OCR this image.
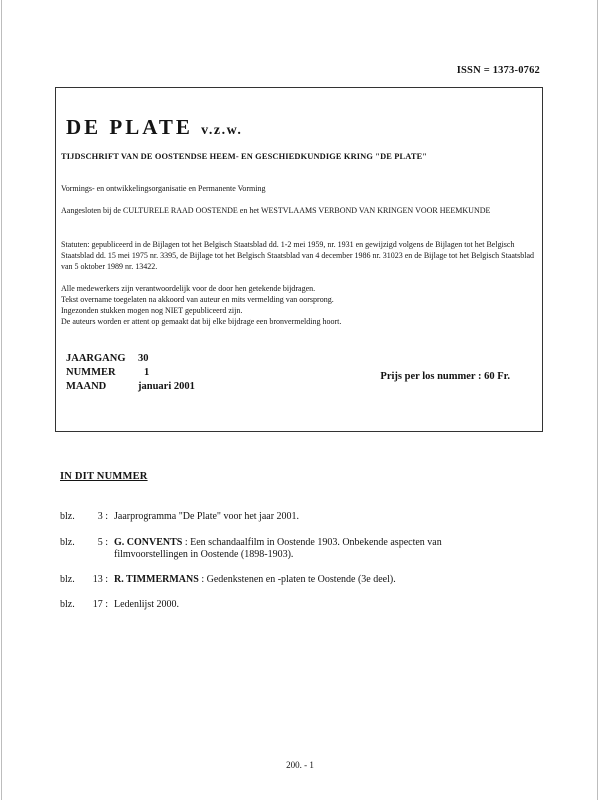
ISSN = 1373-0762
DE PLATE v.z.w.
TIJDSCHRIFT VAN DE OOSTENDSE HEEM- EN GESCHIEDKUNDIGE KRING "DE PLATE"
Vormings- en ontwikkelingsorganisatie en Permanente Vorming
Aangesloten bij de CULTURELE RAAD OOSTENDE en het WESTVLAAMS VERBOND VAN KRINGEN VOOR HEEMKUNDE
Statuten: gepubliceerd in de Bijlagen tot het Belgisch Staatsblad dd. 1-2 mei 1959, nr. 1931 en gewijzigd volgens de Bijlagen tot het Belgisch Staatsblad dd. 15 mei 1975 nr. 3395, de Bijlage tot het Belgisch Staatsblad van 4 december 1986 nr. 31023 en de Bijlage tot het Belgisch Staatsblad van 5 oktober 1989 nr. 13422.
Alle medewerkers zijn verantwoordelijk voor de door hen getekende bijdragen.
Tekst overname toegelaten na akkoord van auteur en mits vermelding van oorsprong.
Ingezonden stukken mogen nog NIET gepubliceerd zijn.
De auteurs worden er attent op gemaakt dat bij elke bijdrage een bronvermelding hoort.
JAARGANG	30
NUMMER	1
MAAND	januari 2001
Prijs per los nummer : 60 Fr.
IN DIT NUMMER
blz. 3 : Jaarprogramma "De Plate" voor het jaar 2001.
blz. 5 : G. CONVENTS : Een schandaalfilm in Oostende 1903. Onbekende aspecten van filmvoorstellingen in Oostende (1898-1903).
blz. 13 : R. TIMMERMANS : Gedenkstenen en -platen te Oostende (3e deel).
blz. 17 : Ledenlijst 2000.
200. - 1
